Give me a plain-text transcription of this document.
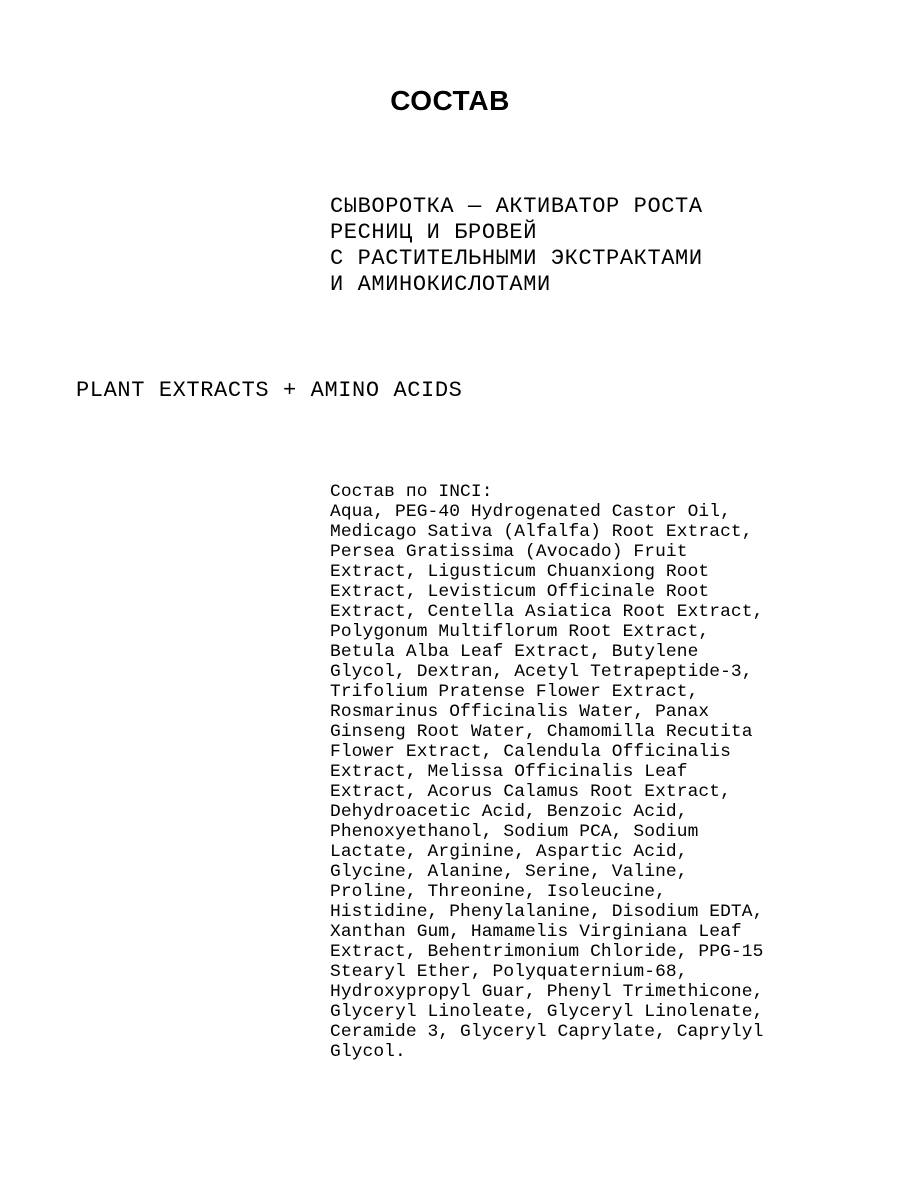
СОСТАВ
СЫВОРОТКА — АКТИВАТОР РОСТА
РЕСНИЦ И БРОВЕЙ
С РАСТИТЕЛЬНЫМИ ЭКСТРАКТАМИ
И АМИНОКИСЛОТАМИ

PLANT EXTRACTS + AMINO ACIDS

Состав по INCI:
Aqua, PEG-40 Hydrogenated Castor Oil,
Medicago Sativa (Alfalfa) Root Extract,
Persea Gratissima (Avocado) Fruit
Extract, Ligusticum Chuanxiong Root
Extract, Levisticum Officinale Root
Extract, Centella Asiatica Root Extract,
Polygonum Multiflorum Root Extract,
Betula Alba Leaf Extract, Butylene
Glycol, Dextran, Acetyl Tetrapeptide-3,
Trifolium Pratense Flower Extract,
Rosmarinus Officinalis Water, Panax
Ginseng Root Water, Chamomilla Recutita
Flower Extract, Calendula Officinalis
Extract, Melissa Officinalis Leaf
Extract, Acorus Calamus Root Extract,
Dehydroacetic Acid, Benzoic Acid,
Phenoxyethanol, Sodium PCA, Sodium
Lactate, Arginine, Aspartic Acid,
Glycine, Alanine, Serine, Valine,
Proline, Threonine, Isoleucine,
Histidine, Phenylalanine, Disodium EDTA,
Xanthan Gum, Hamamelis Virginiana Leaf
Extract, Behentrimonium Chloride, PPG-15
Stearyl Ether, Polyquaternium-68,
Hydroxypropyl Guar, Phenyl Trimethicone,
Glyceryl Linoleate, Glyceryl Linolenate,
Ceramide 3, Glyceryl Caprylate, Caprylyl
Glycol.
